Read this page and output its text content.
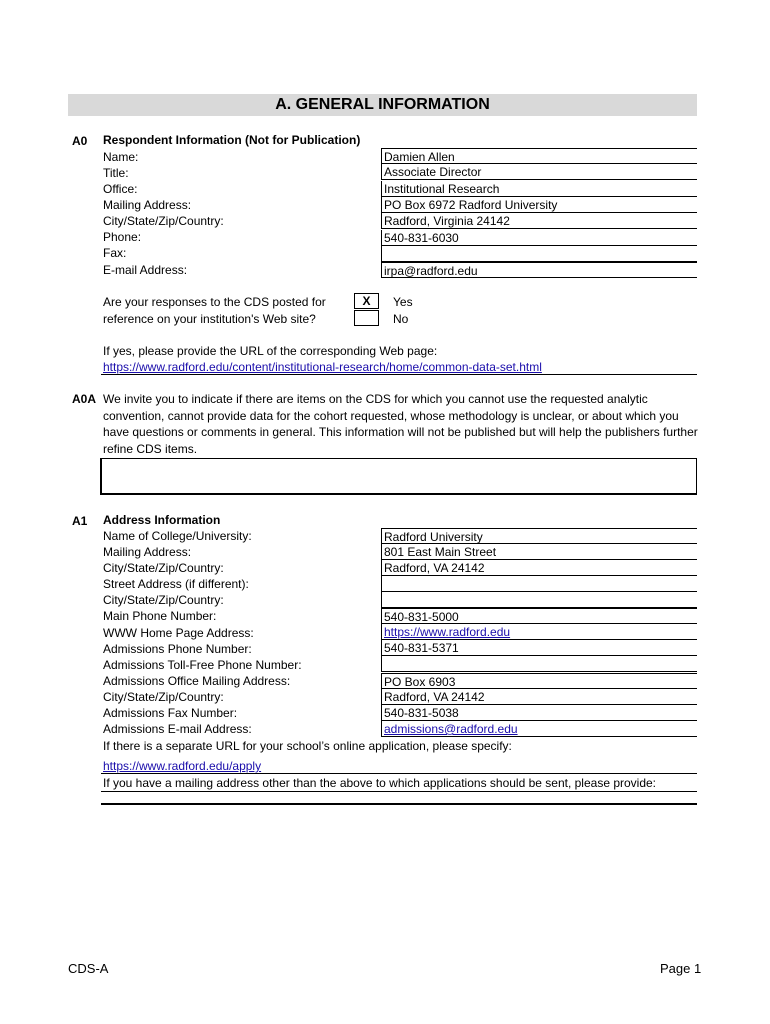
A. GENERAL INFORMATION
A0 Respondent Information (Not for Publication)
Name:	Damien Allen
Title:	Associate Director
Office:	Institutional Research
Mailing Address:	PO Box 6972 Radford University
City/State/Zip/Country:	Radford, Virginia 24142
Phone:	540-831-6030
Fax:
E-mail Address:	irpa@radford.edu
Are your responses to the CDS posted for
reference on your institution's Web site?
X	Yes
No
If yes, please provide the URL of the corresponding Web page:
https://www.radford.edu/content/institutional-research/home/common-data-set.html
A0A We invite you to indicate if there are items on the CDS for which you cannot use the requested analytic convention, cannot provide data for the cohort requested, whose methodology is unclear, or about which you have questions or comments in general. This information will not be published but will help the publishers further refine CDS items.
A1 Address Information
Name of College/University:	Radford University
Mailing Address:	801 East Main Street
City/State/Zip/Country:	Radford, VA 24142
Street Address (if different):
City/State/Zip/Country:
Main Phone Number:	540-831-5000
WWW Home Page Address:	https://www.radford.edu
Admissions Phone Number:	540-831-5371
Admissions Toll-Free Phone Number:
Admissions Office Mailing Address:	PO Box 6903
City/State/Zip/Country:	Radford, VA 24142
Admissions Fax Number:	540-831-5038
Admissions E-mail Address:	admissions@radford.edu
If there is a separate URL for your school’s online application, please specify:
https://www.radford.edu/apply
If you have a mailing address other than the above to which applications should be sent, please provide:
CDS-A	Page 1
